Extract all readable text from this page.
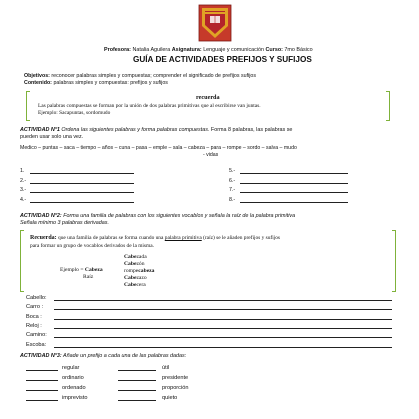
Profesora: Natalia Aguilera Asignatura: Lenguaje y comunicación Curso: 7mo Básico
GUÍA DE ACTIVIDADES PREFIJOS Y SUFIJOS
Objetivos: reconocer palabras simples y compuestas; comprender el significado de prefijos sufijos
Contenido: palabras simples y compuestas: prefijos y sufijos
recuerda
Las palabras compuestas se forman por la unión de dos palabras primitivas que al escribirse van juntas.
Ejemplo: Sacapuntas, sordomudo
ACTIVIDAD N°1 Ordena las siguientes palabras y forma palabras compuestas. Forma 8 palabras, las palabras se
pueden usar solo una vez.
Medico – puntas – saca – tiempo – años – cuna – pasa – emple – sala – cabeza – para – rompe – sordo – salva – mudo
- vidas
1.
2.-
3.-
4.-
5.-
6.-
7.-
8.-
ACTIVIDAD N°2: Forma una familia de palabras con los siguientes vocablos y señala la raíz de la palabra primitiva
Señala mínimo 3 palabras derivadas.
Recuerda: que una familia de palabras se forma cuando una palabra primitiva (raíz) se le añaden prefijos y sufijos
para formar un grupo de vocablos derivados de la misma.
Ejemplo = Cabeza
Raíz
Cabezada
Cabezón
rompecabeza
Cabezazo
Cabecera
Cabello:
Carro :
Boca :
Reloj :
Camino:
Escoba:
ACTIVIDAD N°3: Añade un prefijo a cada una de las palabras dadas:
regular
ordinario
ordenado
imprevisto
útil
presidente
proporción
quieto
